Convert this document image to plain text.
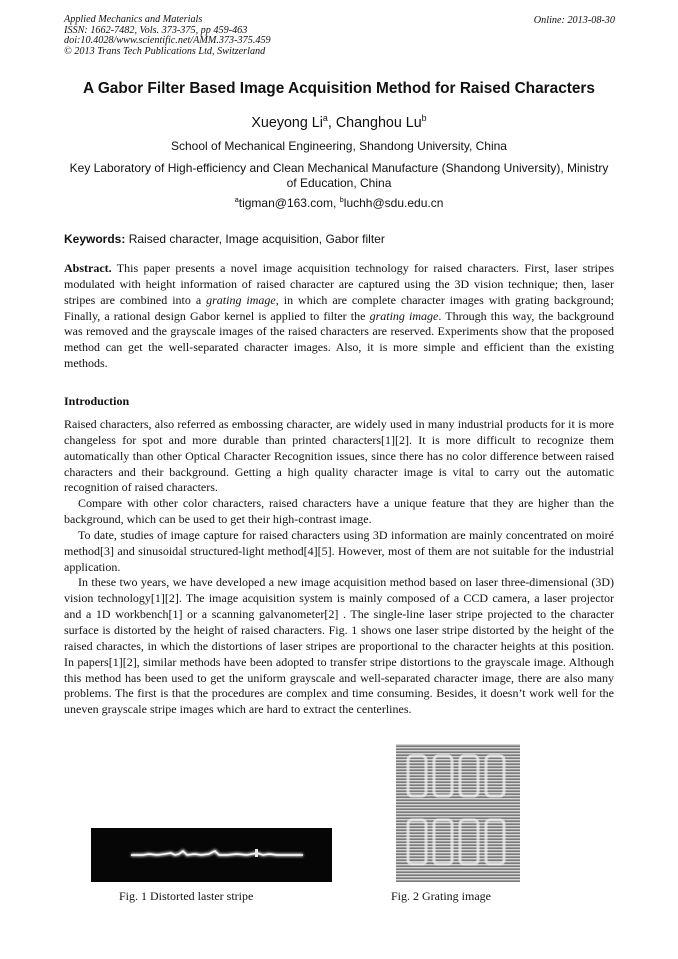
Applied Mechanics and Materials
ISSN: 1662-7482, Vols. 373-375, pp 459-463
doi:10.4028/www.scientific.net/AMM.373-375.459
© 2013 Trans Tech Publications Ltd, Switzerland
Online: 2013-08-30
A Gabor Filter Based Image Acquisition Method for Raised Characters
Xueyong Li$^a$, Changhou Lu$^b$
School of Mechanical Engineering, Shandong University, China
Key Laboratory of High-efficiency and Clean Mechanical Manufacture (Shandong University), Ministry of Education, China
$^a$tigman@163.com, $^b$luchh@sdu.edu.cn
Keywords: Raised character, Image acquisition, Gabor filter
Abstract. This paper presents a novel image acquisition technology for raised characters. First, laser stripes modulated with height information of raised character are captured using the 3D vision technique; then, laser stripes are combined into a grating image, in which are complete character images with grating background; Finally, a rational design Gabor kernel is applied to filter the grating image. Through this way, the background was removed and the grayscale images of the raised characters are reserved. Experiments show that the proposed method can get the well-separated character images. Also, it is more simple and efficient than the existing methods.
Introduction
Raised characters, also referred as embossing character, are widely used in many industrial products for it is more changeless for spot and more durable than printed characters[1][2]. It is more difficult to recognize them automatically than other Optical Character Recognition issues, since there has no color difference between raised characters and their background. Getting a high quality character image is vital to carry out the automatic recognition of raised characters.
Compare with other color characters, raised characters have a unique feature that they are higher than the background, which can be used to get their high-contrast image.
To date, studies of image capture for raised characters using 3D information are mainly concentrated on moiré method[3] and sinusoidal structured-light method[4][5]. However, most of them are not suitable for the industrial application.
In these two years, we have developed a new image acquisition method based on laser three-dimensional (3D) vision technology[1][2]. The image acquisition system is mainly composed of a CCD camera, a laser projector and a 1D workbench[1] or a scanning galvanometer[2] . The single-line laser stripe projected to the character surface is distorted by the height of raised characters. Fig. 1 shows one laser stripe distorted by the height of the raised charactes, in which the distortions of laser stripes are proportional to the character heights at this position. In papers[1][2], similar methods have been adopted to transfer stripe distortions to the grayscale image. Although this method has been used to get the uniform grayscale and well-separated character image, there are also many problems. The first is that the procedures are complex and time consuming. Besides, it doesn’t work well for the uneven grayscale stripe images which are hard to extract the centerlines.
Fig. 1 Distorted laster stripe	Fig. 2 Grating image
